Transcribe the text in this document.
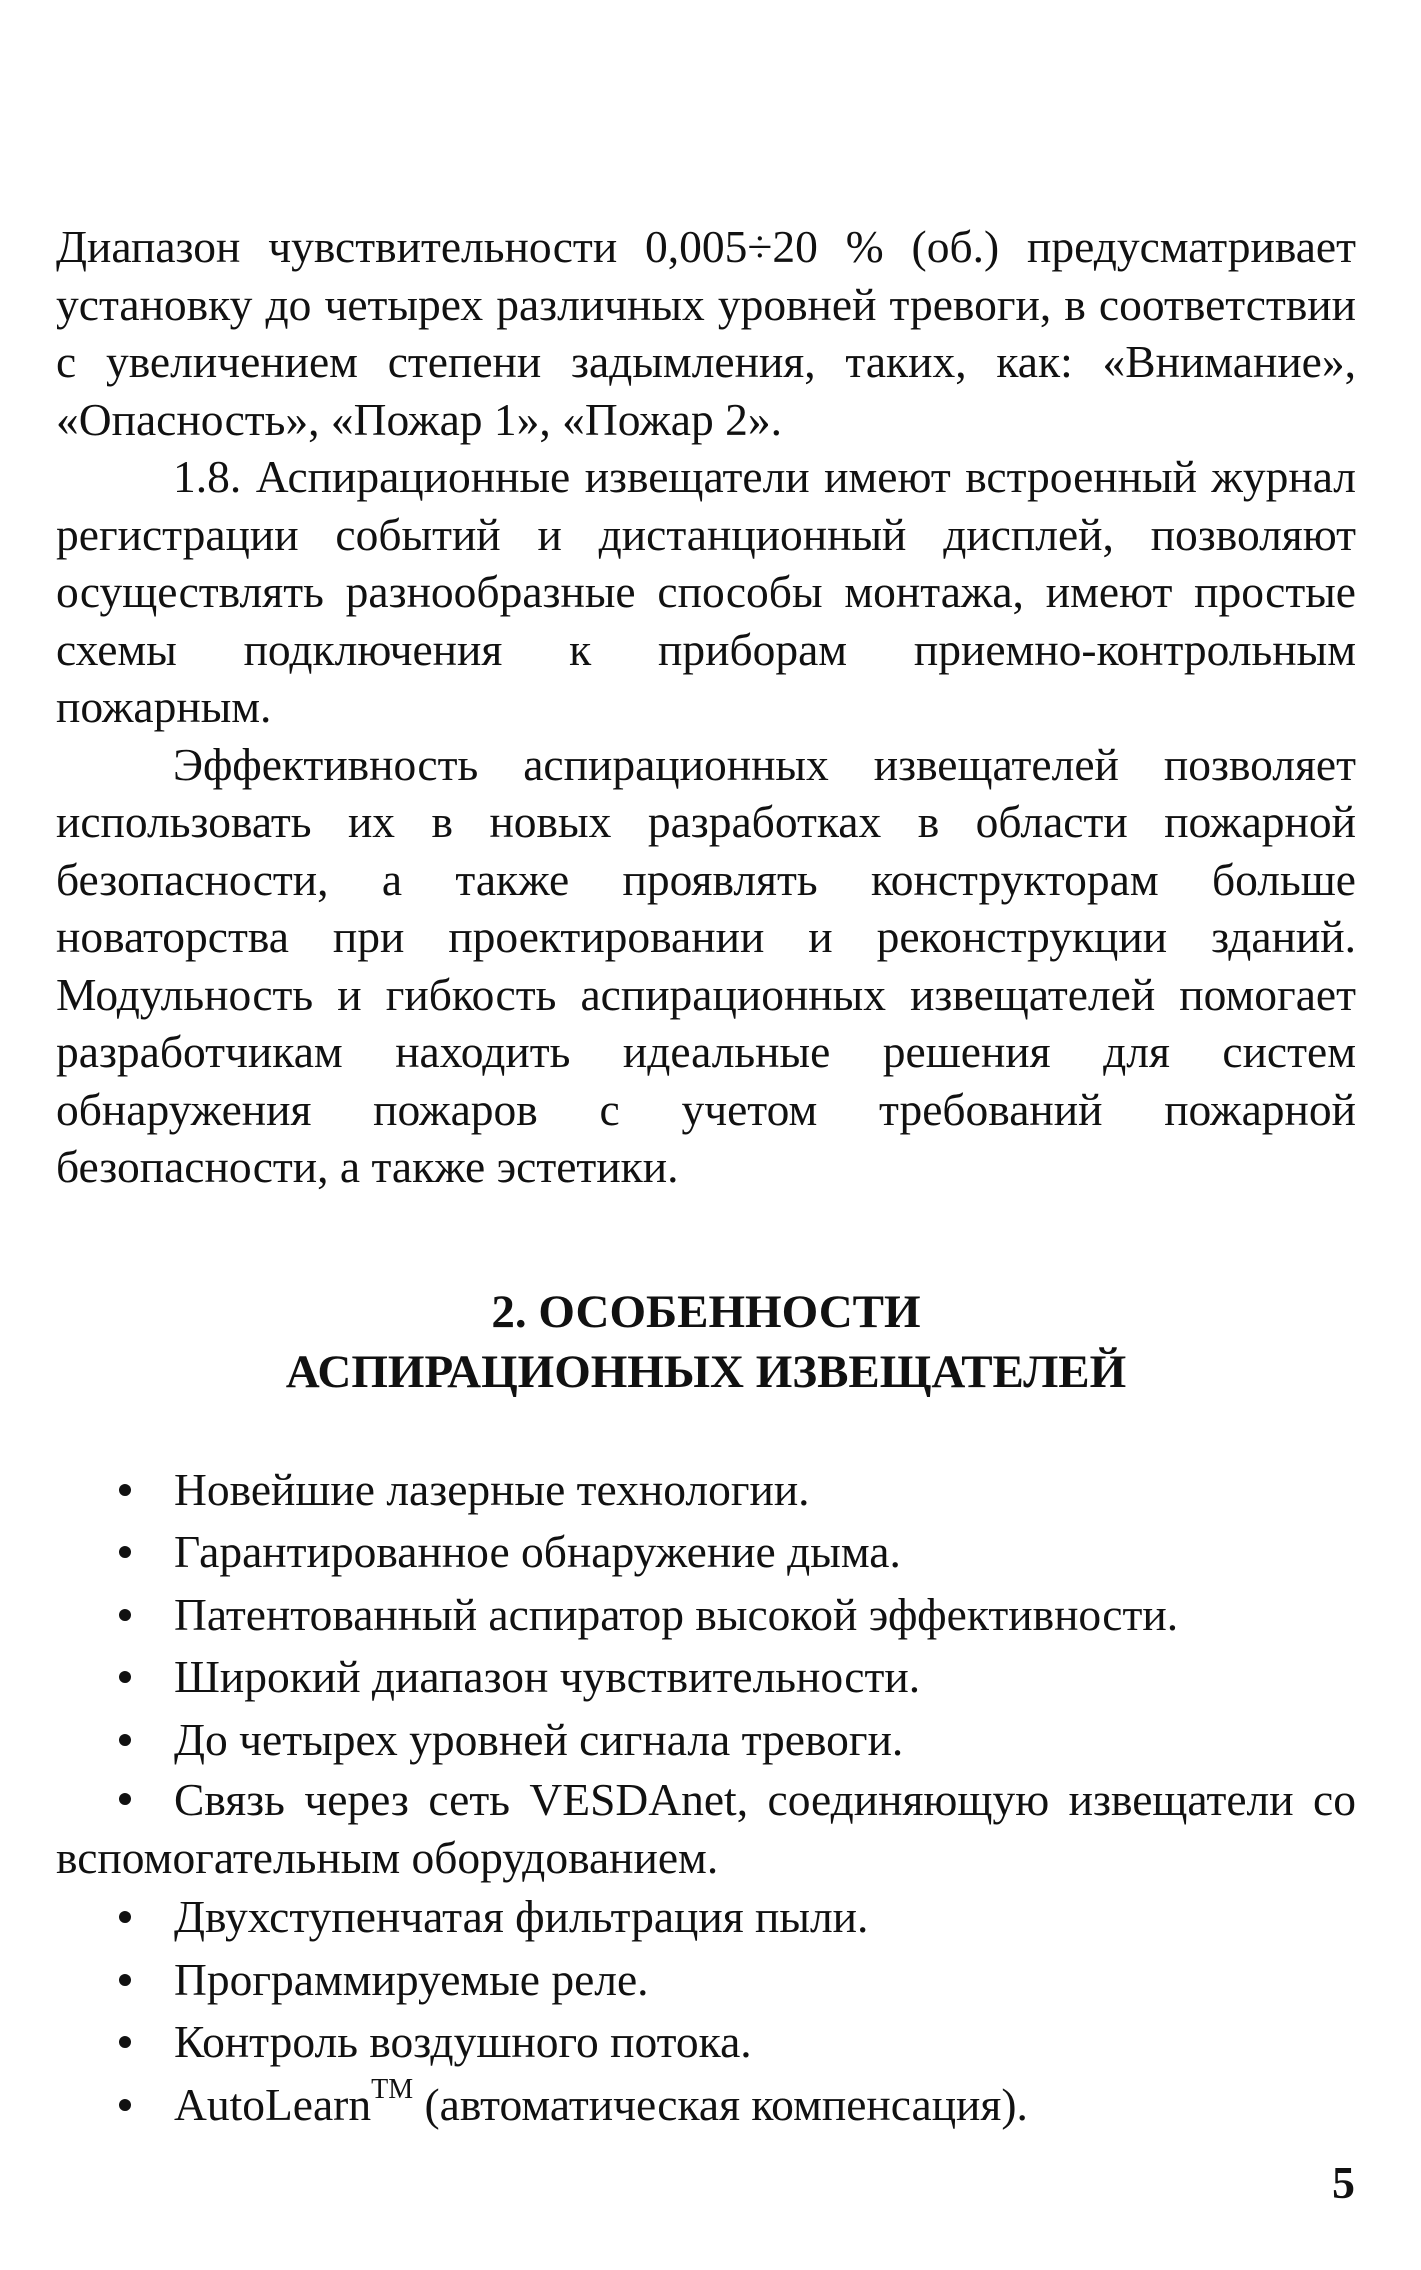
Диапазон чувствительности 0,005÷20 % (об.) предусматривает установку до четырех различных уровней тревоги, в соответствии с увеличением степени задымления, таких, как: «Внимание», «Опасность», «Пожар 1», «Пожар 2».

1.8. Аспирационные извещатели имеют встроенный журнал регистрации событий и дистанционный дисплей, позволяют осуществлять разнообразные способы монтажа, имеют простые схемы подключения к приборам приемно-контрольным пожарным.

Эффективность аспирационных извещателей позволяет использовать их в новых разработках в области пожарной безопасности, а также проявлять конструкторам больше новаторства при проектировании и реконструкции зданий. Модульность и гибкость аспирационных извещателей помогает разработчикам находить идеальные решения для систем обнаружения пожаров с учетом требований пожарной безопасности, а также эстетики.

2. ОСОБЕННОСТИ
АСПИРАЦИОННЫХ ИЗВЕЩАТЕЛЕЙ
Новейшие лазерные технологии.
Гарантированное обнаружение дыма.
Патентованный аспиратор высокой эффективности.
Широкий диапазон чувствительности.
До четырех уровней сигнала тревоги.
Связь через сеть VESDAnet, соединяющую извещатели со вспомогательным оборудованием.
Двухступенчатая фильтрация пыли.
Программируемые реле.
Контроль воздушного потока.
AutoLearn™ (автоматическая компенсация).
5
